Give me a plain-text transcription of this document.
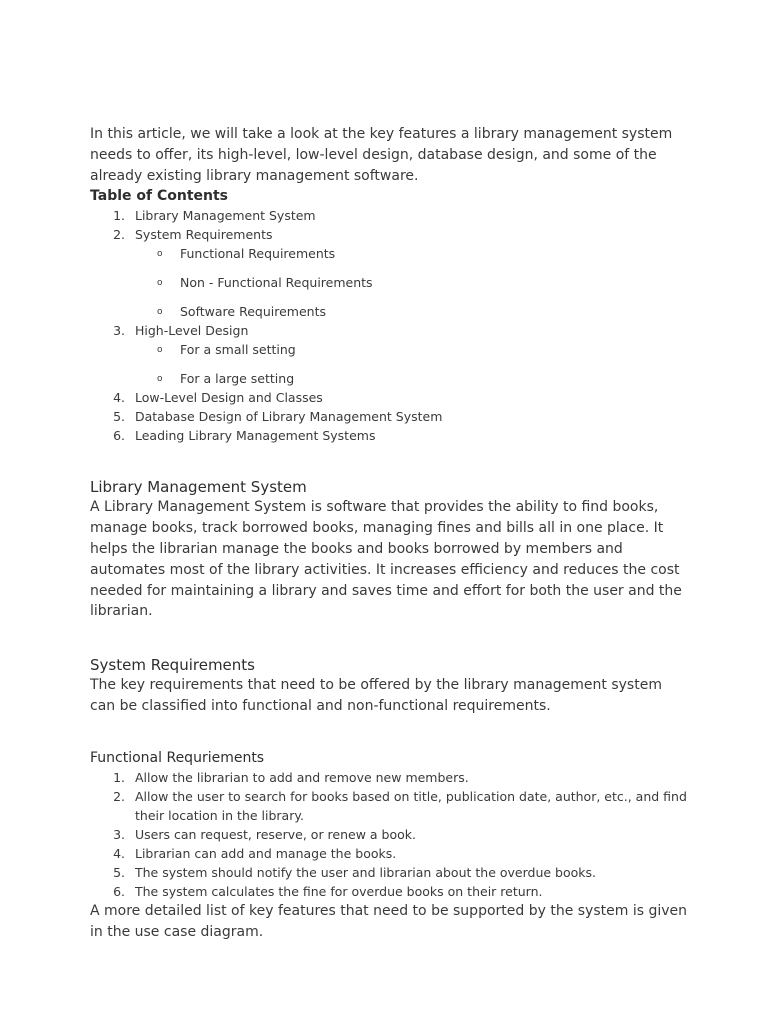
In this article, we will take a look at the key features a library management system needs to offer, its high-level, low-level design, database design, and some of the already existing library management software.

Table of Contents

1. Library Management System
2. System Requirements
o Functional Requirements
o Non - Functional Requirements
o Software Requirements
3. High-Level Design
o For a small setting
o For a large setting
4. Low-Level Design and Classes
5. Database Design of Library Management System
6. Leading Library Management Systems

Library Management System

A Library Management System is software that provides the ability to find books, manage books, track borrowed books, managing fines and bills all in one place. It helps the librarian manage the books and books borrowed by members and automates most of the library activities. It increases efficiency and reduces the cost needed for maintaining a library and saves time and effort for both the user and the librarian.

System Requirements

The key requirements that need to be offered by the library management system can be classified into functional and non-functional requirements.

Functional Requriements

1. Allow the librarian to add and remove new members.
2. Allow the user to search for books based on title, publication date, author, etc., and find their location in the library.
3. Users can request, reserve, or renew a book.
4. Librarian can add and manage the books.
5. The system should notify the user and librarian about the overdue books.
6. The system calculates the fine for overdue books on their return.

A more detailed list of key features that need to be supported by the system is given in the use case diagram.
